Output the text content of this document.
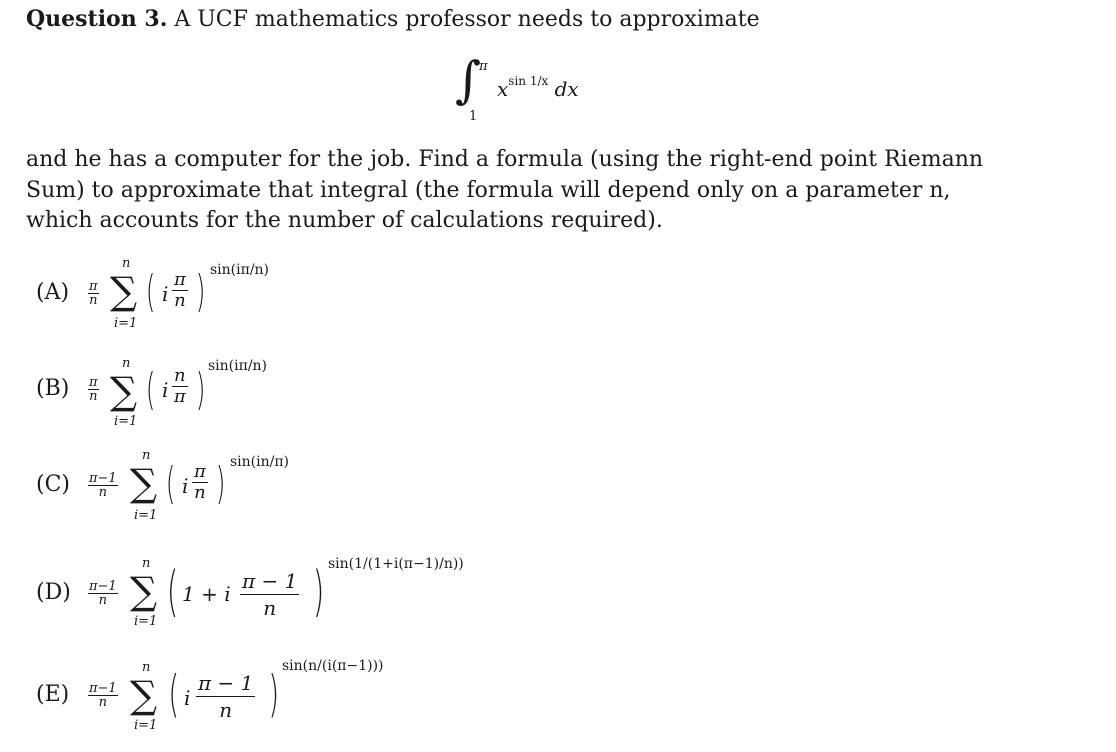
Question 3. A UCF mathematics professor needs to approximate
∫
π
1
$x^{sin 1/x}$ dx
and he has a computer for the job. Find a formula (using the right-end point Riemann Sum) to approximate that integral (the formula will depend only on a parameter n, which accounts for the number of calculations required).
$(A) \frac{\pi}{n}$
n
∑
i=1
( i
π
n ) sin(iπ/n)
$(B) \frac{\pi}{n}$
n
∑
i=1
( i
n
π ) sin(iπ/n)
$(C) \frac{\pi-1}{n}$
n
∑
i=1
( i
π
n ) sin(in/π)
$(D) \frac{\pi-1}{n}$
n
∑
i=1 ( 1 + i
π − 1
n ) sin(1/(1+i(π−1)/n))
$(E) \frac{\pi-1}{n}$
n
∑
i=1
( i
π − 1
n ) sin(n/(i(π−1)))
